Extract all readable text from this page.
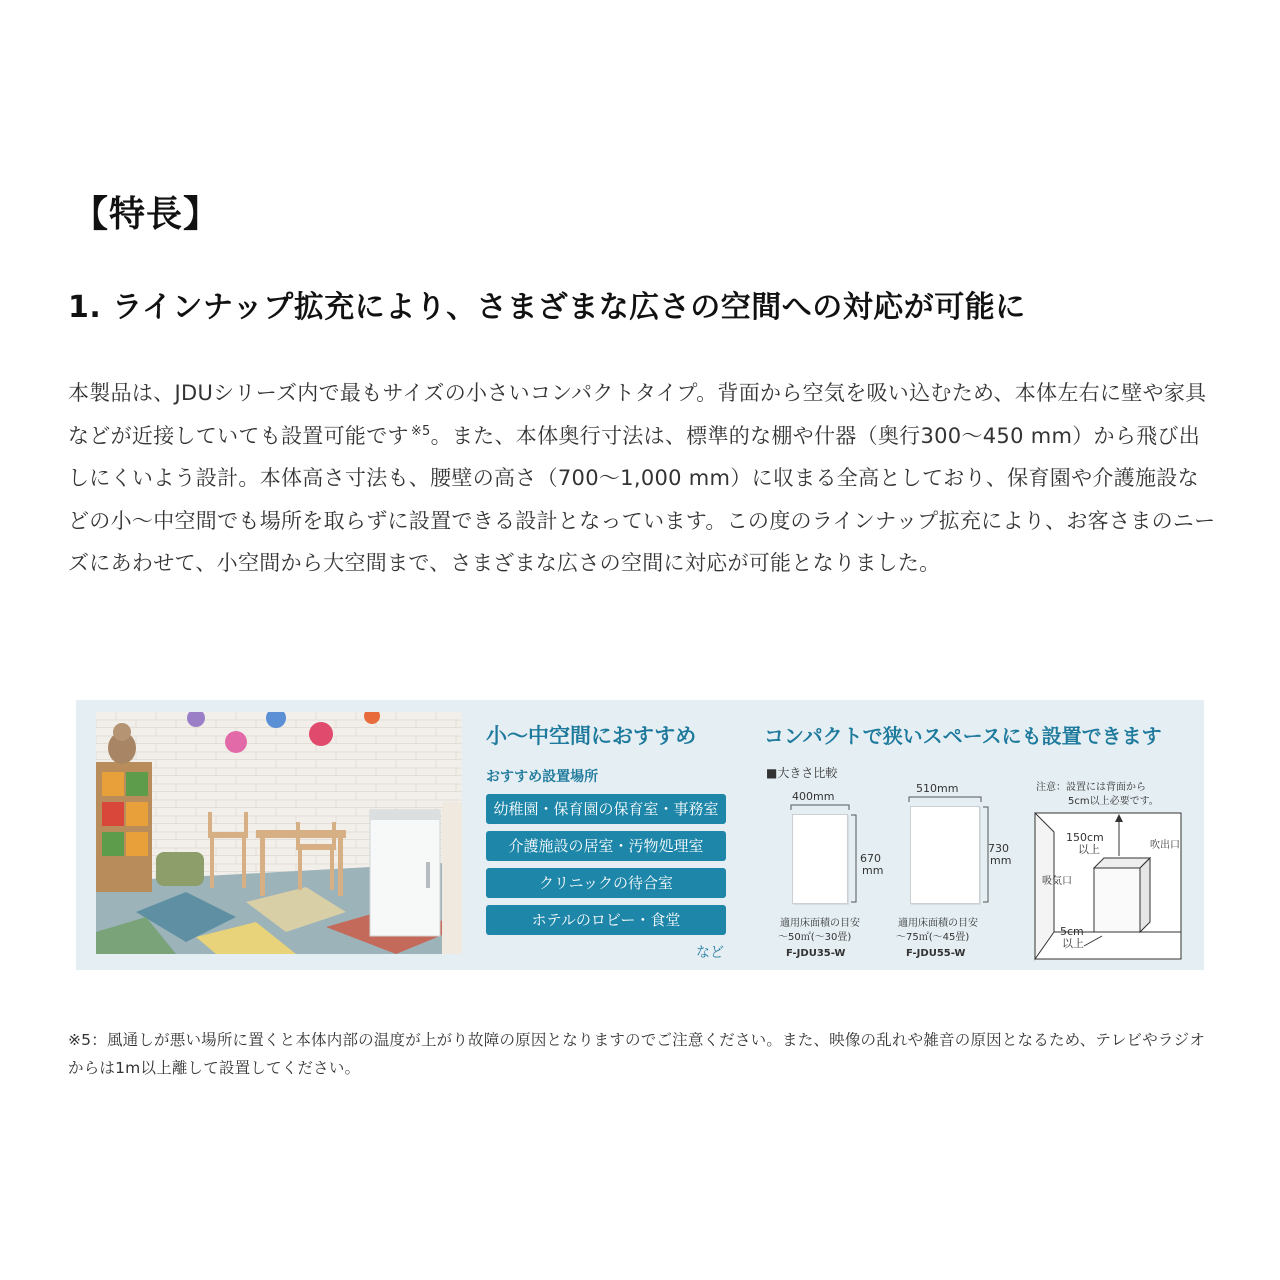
【特長】
1. ラインナップ拡充により、さまざまな広さの空間への対応が可能に

本製品は、JDUシリーズ内で最もサイズの小さいコンパクトタイプ。背面から空気を吸い込むため、本体左右に壁や家具などが近接していても設置可能です $^{※5}$。また、本体奥行寸法は、標準的な棚や什器（奥行300〜450 mm）から飛び出しにくいよう設計。本体高さ寸法も、腰壁の高さ（700〜1,000 mm）に収まる全高としており、保育園や介護施設などの小〜中空間でも場所を取らずに設置できる設計となっています。この度のラインナップ拡充により、お客さまのニーズにあわせて、小空間から大空間まで、さまざまな広さの空間に対応が可能となりました。

小〜中空間におすすめ
おすすめ設置場所
幼稚園・保育園の保育室・事務室
介護施設の居室・汚物処理室
クリニックの待合室
ホテルのロビー・食堂
など
コンパクトで狭いスペースにも設置できます
■大きさ比較
400mm
670
mm
適用床面積の目安
〜50㎡(〜30畳)
F-JDU35-W
510mm
730
mm
適用床面積の目安
〜75㎡(〜45畳)
F-JDU55-W
注意：設置には背面から
5cm以上必要です。
150cm
以上	吹出口
吸気口
5cm
以上

※5：風通しが悪い場所に置くと本体内部の温度が上がり故障の原因となりますのでご注意ください。また、映像の乱れや雑音の原因となるため、テレビやラジオからは1m以上離して設置してください。
